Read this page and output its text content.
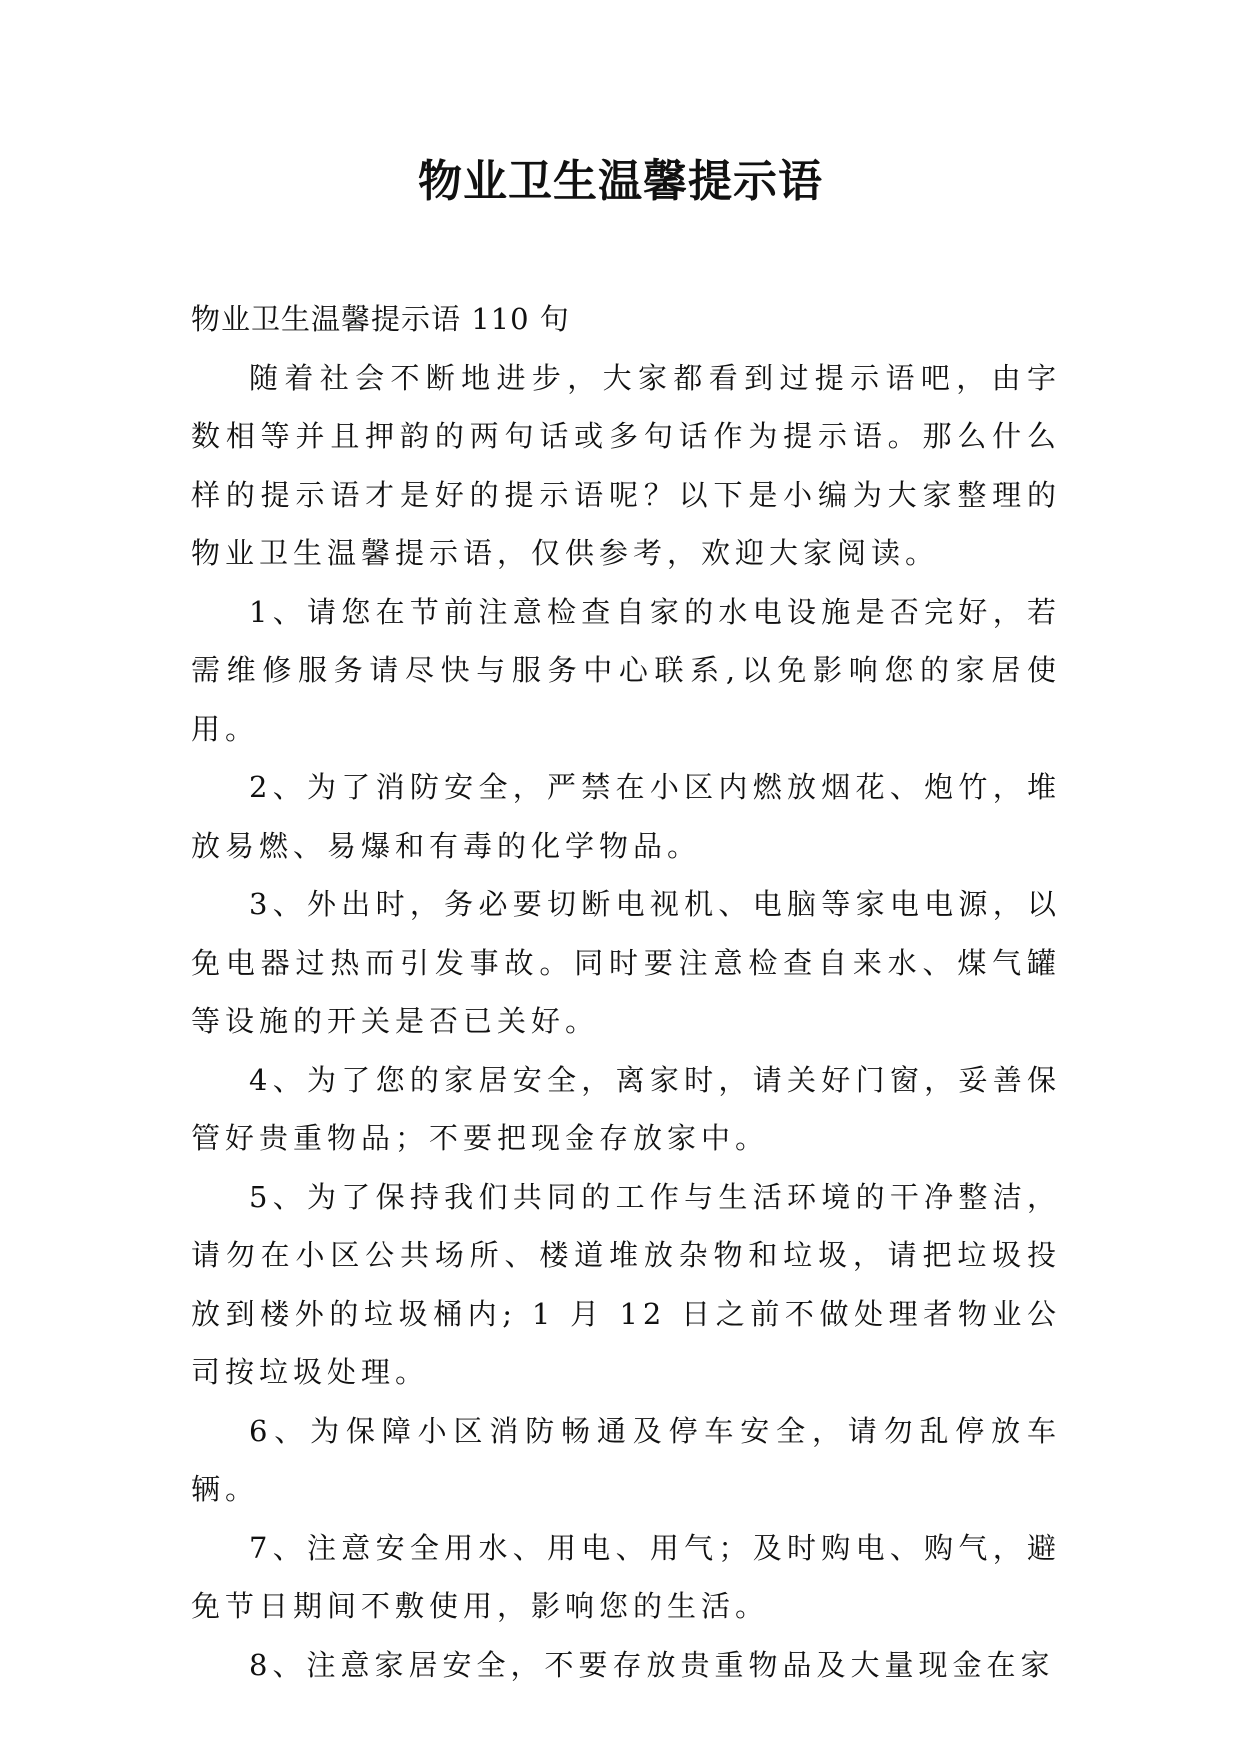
物业卫生温馨提示语

物业卫生温馨提示语 110 句

随着社会不断地进步，大家都看到过提示语吧，由字数相等并且押韵的两句话或多句话作为提示语。那么什么样的提示语才是好的提示语呢？以下是小编为大家整理的物业卫生温馨提示语，仅供参考，欢迎大家阅读。

1、请您在节前注意检查自家的水电设施是否完好，若需维修服务请尽快与服务中心联系,以免影响您的家居使用。

2、为了消防安全，严禁在小区内燃放烟花、炮竹，堆放易燃、易爆和有毒的化学物品。

3、外出时，务必要切断电视机、电脑等家电电源，以免电器过热而引发事故。同时要注意检查自来水、煤气罐等设施的开关是否已关好。

4、为了您的家居安全，离家时，请关好门窗，妥善保管好贵重物品；不要把现金存放家中。

5、为了保持我们共同的工作与生活环境的干净整洁，请勿在小区公共场所、楼道堆放杂物和垃圾，请把垃圾投放到楼外的垃圾桶内; 1 月 12 日之前不做处理者物业公司按垃圾处理。

6、为保障小区消防畅通及停车安全，请勿乱停放车辆。

7、注意安全用水、用电、用气；及时购电、购气，避免节日期间不敷使用，影响您的生活。

8、注意家居安全，不要存放贵重物品及大量现金在家
